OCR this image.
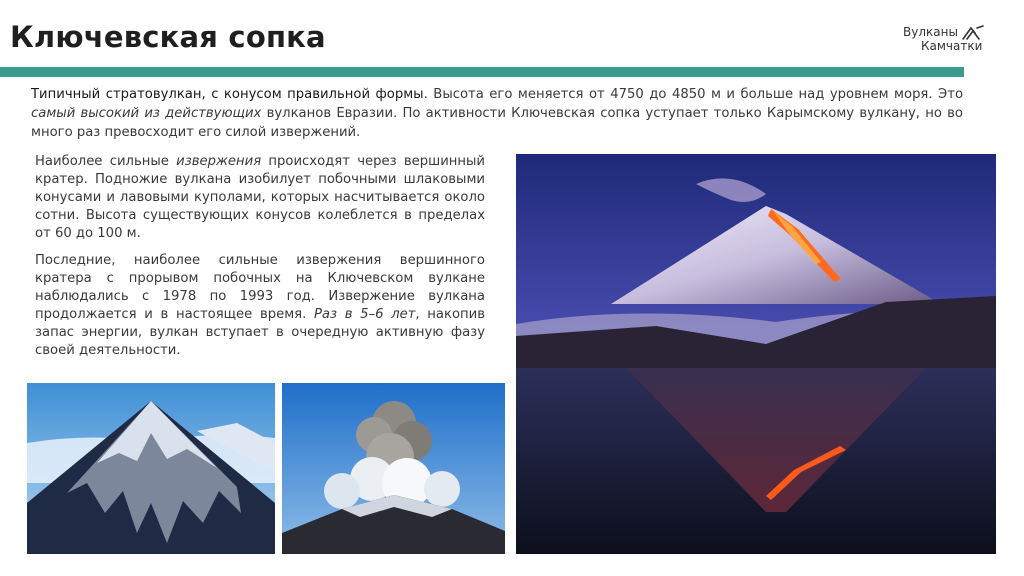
Ключевская сопка	Вулканы
Камчатки
Типичный стратовулкан, с конусом правильной формы. Высота его меняется от 4750 до 4850 м и больше над уровнем моря. Это самый высокий из действующих вулканов Евразии. По активности Ключевская сопка уступает только Карымскому вулкану, но во много раз превосходит его силой извержений.

Наиболее сильные извержения происходят через вершинный кратер. Подножие вулкана изобилует побочными шлаковыми конусами и лавовыми куполами, которых насчитывается около сотни. Высота существующих конусов колеблется в пределах от 60 до 100 м.

Последние, наиболее сильные извержения вершинного кратера с прорывом побочных на Ключевском вулкане наблюдались с 1978 по 1993 год. Извержение вулкана продолжается и в настоящее время. Раз в 5–6 лет, накопив запас энергии, вулкан вступает в очередную активную фазу своей деятельности.
